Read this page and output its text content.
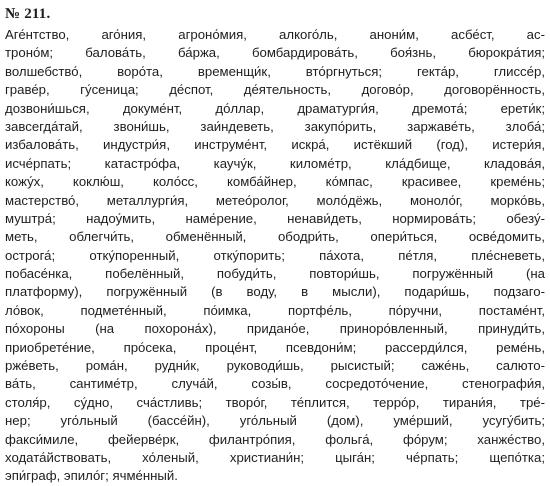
№ 211.
Аге́нтство, аго́ния, агроно́мия, алкого́ль, анони́м, асбе́ст, ас-
троно́м; балова́ть, ба́ржа, бомбардирова́ть, боя́знь, бюрокра́тия;
волшебство́, воро́та, временщи́к, вто́ргнуться; гекта́р, глиссе́р,
граве́р, гу́сеница; де́спот, де́ятельность, догово́р, договорённость,
дозвони́шься, докуме́нт, до́ллар, драматурги́я, дремота́; ерети́к;
завсегда́тай, звони́шь, заи́ндеветь, закупо́рить, заржаве́ть, злоба́;
избалова́ть, индустри́я, инструме́нт, искра́, истёкший (год), истери́я,
исче́рпать; катастро́фа, каучу́к, киломе́тр, кла́дбище, кладова́я,
кожу́х, коклю́ш, коло́сс, комба́йнер, ко́мпас, красивее, креме́нь;
мастерство́, металлурги́я, метео́ролог, моло́дёжь, моноло́г, морко́вь,
муштра́; надоу́мить, наме́рение, ненави́деть, нормирова́ть; обезу́-
меть, облегчи́ть, обменённый, ободри́ть, опери́ться, осве́домить,
острога́; отку́поренный, отку́порить; па́хота, пе́тля, пле́сневеть,
побасе́нка, побелённый, побуди́ть, повтори́шь, погружённый (на
платформу), погружённый (в воду, в мысли), подари́шь, подзаго-
ло́вок, подмете́нный, по́имка, портфе́ль, по́ручни, постаме́нт,
по́хороны (на похорона́х), придано́е, приноро́вленный, принуди́ть,
приобрете́ние, про́сека, проце́нт, псевдони́м; рассерди́лся, реме́нь,
рже́веть, рома́н, рудни́к, руководи́шь, рысистый; саже́нь, салюто-
ва́ть, сантиме́тр, случа́й, созы́в, сосредото́чение, стенографи́я,
столя́р, су́дно, сча́стливь; творо́г, те́плится, терро́р, тирани́я, тре́-
нер; уго́льный (бассе́йн), уго́льный (дом), уме́рший, усугу́бить;
факси́миле, фейерве́рк, филантро́пия, фольга́, фо́рум; ханже́ство,
ходата́йствовать, хо́леный, христиани́н; цыга́н; че́рпать; щепо́тка;
эпи́граф, эпило́г; ячме́нный.
